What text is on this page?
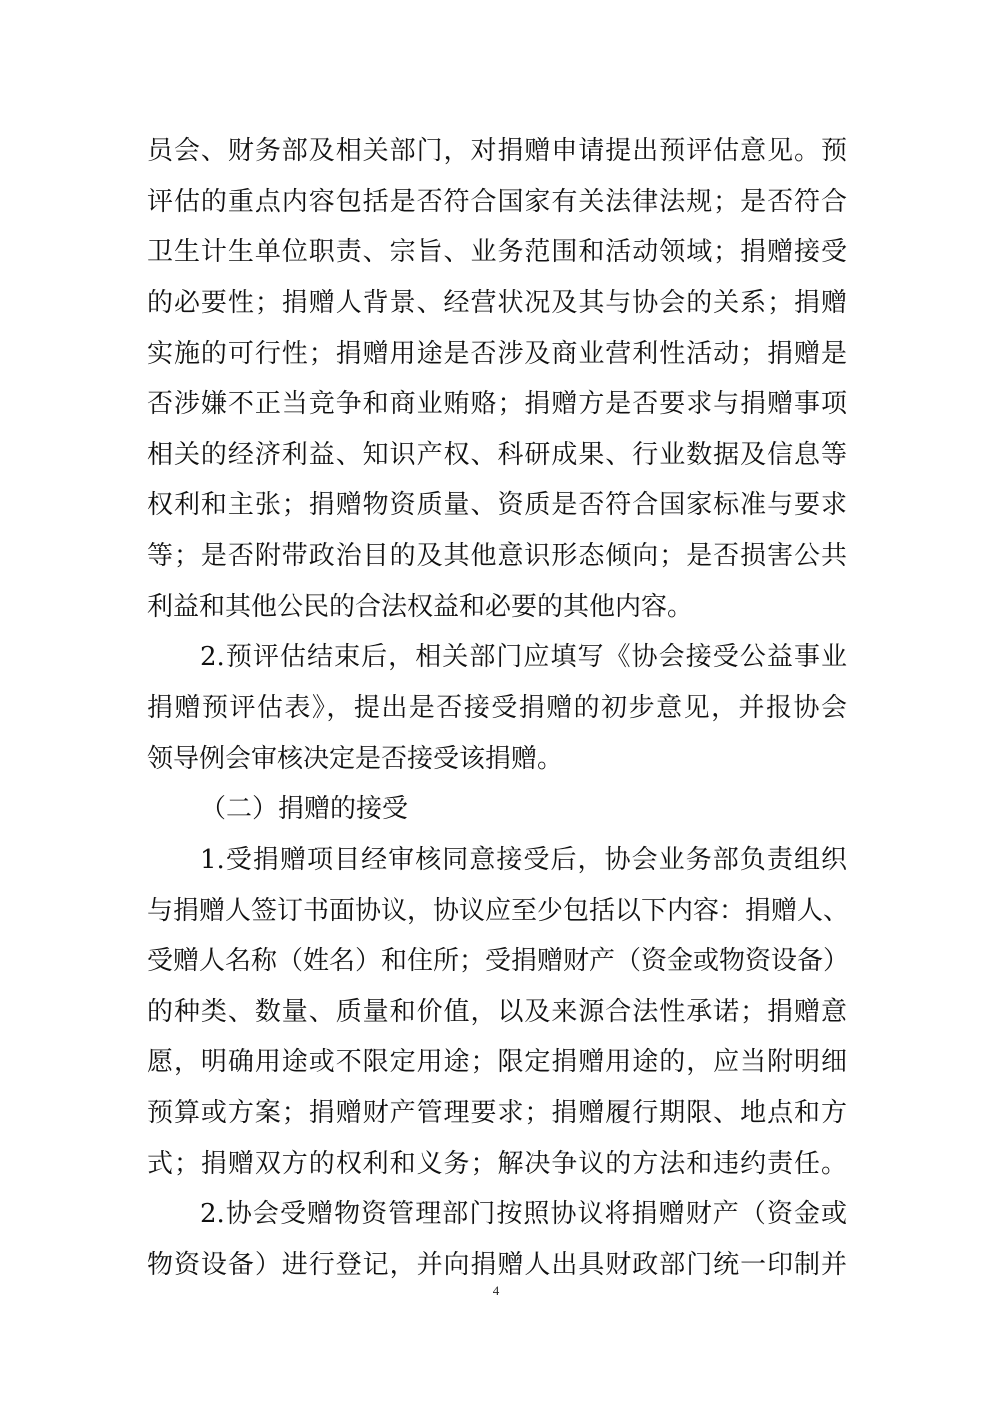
员会、财务部及相关部门，对捐赠申请提出预评估意见。预
评估的重点内容包括是否符合国家有关法律法规；是否符合
卫生计生单位职责、宗旨、业务范围和活动领域；捐赠接受
的必要性；捐赠人背景、经营状况及其与协会的关系；捐赠
实施的可行性；捐赠用途是否涉及商业营利性活动；捐赠是
否涉嫌不正当竞争和商业贿赂；捐赠方是否要求与捐赠事项
相关的经济利益、知识产权、科研成果、行业数据及信息等
权利和主张；捐赠物资质量、资质是否符合国家标准与要求
等；是否附带政治目的及其他意识形态倾向；是否损害公共
利益和其他公民的合法权益和必要的其他内容。
2.预评估结束后，相关部门应填写《协会接受公益事业
捐赠预评估表》，提出是否接受捐赠的初步意见，并报协会
领导例会审核决定是否接受该捐赠。
（二）捐赠的接受
1.受捐赠项目经审核同意接受后，协会业务部负责组织
与捐赠人签订书面协议，协议应至少包括以下内容：捐赠人、
受赠人名称（姓名）和住所；受捐赠财产（资金或物资设备）
的种类、数量、质量和价值，以及来源合法性承诺；捐赠意
愿，明确用途或不限定用途；限定捐赠用途的，应当附明细
预算或方案；捐赠财产管理要求；捐赠履行期限、地点和方
式；捐赠双方的权利和义务；解决争议的方法和违约责任。
2.协会受赠物资管理部门按照协议将捐赠财产（资金或
物资设备）进行登记，并向捐赠人出具财政部门统一印制并
4
